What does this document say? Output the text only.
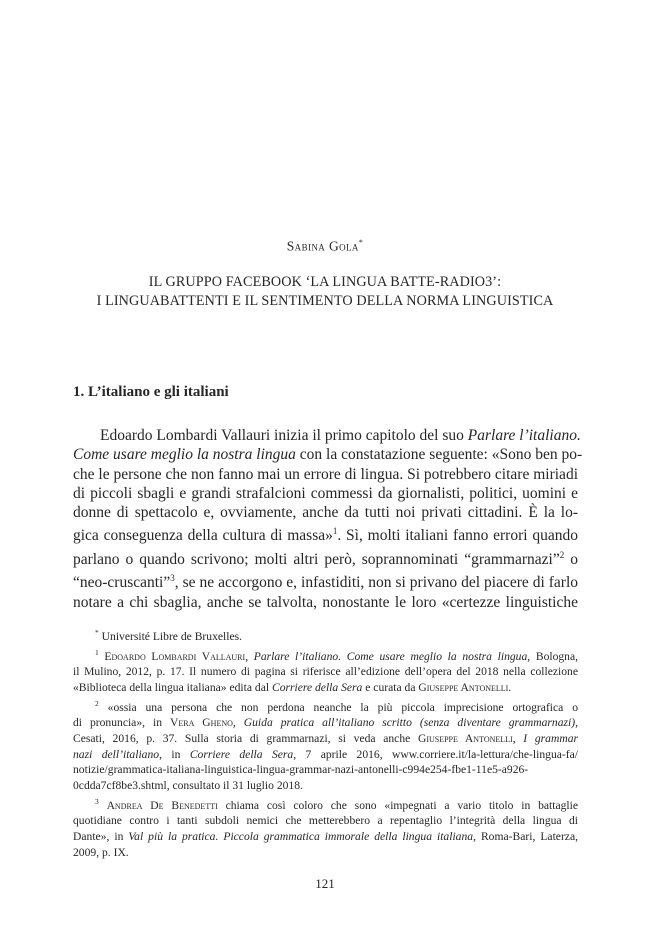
Sabina Gola*
IL GRUPPO FACEBOOK ‘LA LINGUA BATTE-RADIO3’:
I LINGUABATTENTI E IL SENTIMENTO DELLA NORMA LINGUISTICA
1. L’italiano e gli italiani
Edoardo Lombardi Vallauri inizia il primo capitolo del suo Parlare l’italiano.
Come usare meglio la nostra lingua con la constatazione seguente: «Sono ben po-
che le persone che non fanno mai un errore di lingua. Si potrebbero citare miriadi
di piccoli sbagli e grandi strafalcioni commessi da giornalisti, politici, uomini e
donne di spettacolo e, ovviamente, anche da tutti noi privati cittadini. È la lo-
gica conseguenza della cultura di massa»$^1$. Sì, molti italiani fanno errori quando
parlano o quando scrivono; molti altri però, soprannominati “grammarnazi”$^2$ o
“neo-cruscanti”$^3$, se ne accorgono e, infastiditi, non si privano del piacere di farlo
notare a chi sbaglia, anche se talvolta, nonostante le loro «certezze linguistiche
* Université Libre de Bruxelles.
$^1$ Edoardo Lombardi Vallauri, Parlare l’italiano. Come usare meglio la nostra lingua, Bologna,
il Mulino, 2012, p. 17. Il numero di pagina si riferisce all’edizione dell’opera del 2018 nella collezione
«Biblioteca della lingua italiana» edita dal Corriere della Sera e curata da Giuseppe Antonelli.
$^2$ «ossia una persona che non perdona neanche la più piccola imprecisione ortografica o
di pronuncia», in Vera Gheno, Guida pratica all’italiano scritto (senza diventare grammarnazi),
Cesati, 2016, p. 37. Sulla storia di grammarnazi, si veda anche Giuseppe Antonelli, I grammar
nazi dell’italiano, in Corriere della Sera, 7 aprile 2016, www.corriere.it/la-lettura/che-lingua-fa/
notizie/grammatica-italiana-linguistica-lingua-grammar-nazi-antonelli-c994e254-fbe1-11e5-a926-
0cdda7cf8be3.shtml, consultato il 31 luglio 2018.
$^3$ Andrea De Benedetti chiama così coloro che sono «impegnati a vario titolo in battaglie
quotidiane contro i tanti subdoli nemici che metterebbero a repentaglio l’integrità della lingua di
Dante», in Val più la pratica. Piccola grammatica immorale della lingua italiana, Roma-Bari, Laterza,
2009, p. IX.
121
